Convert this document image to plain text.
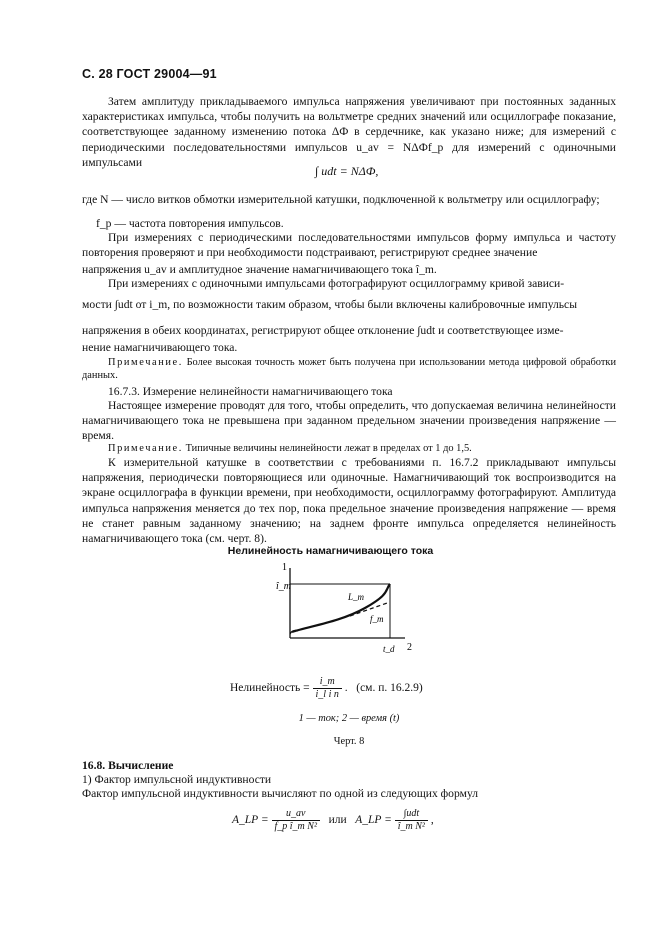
С. 28 ГОСТ 29004—91

Затем амплитуду прикладываемого импульса напряжения увеличивают при постоянных заданных характеристиках импульса, чтобы получить на вольтметре средних значений или осциллографе показание, соответствующее заданному изменению потока ΔФ в сердечнике, как указано ниже; для измерений с периодическими последовательностями импульсов u_av = NΔФf_p для измерений с одиночными импульсами

∫ udt = NΔФ,

где N — число витков обмотки измерительной катушки, подключенной к вольтметру или осциллографу;

f_p — частота повторения импульсов.

При измерениях с периодическими последовательностями импульсов форму импульса и частоту повторения проверяют и при необходимости подстраивают, регистрируют среднее значение

напряжения u_av и амплитудное значение намагничивающего тока î_m.

При измерениях с одиночными импульсами фотографируют осциллограмму кривой зависи-

мости ∫udt от i_m, по возможности таким образом, чтобы были включены калибровочные импульсы

напряжения в обеих координатах, регистрируют общее отклонение ∫udt и соответствующее изме-

нение намагничивающего тока.

Примечание. Более высокая точность может быть получена при использовании метода цифровой обработки данных.

16.7.3. Измерение нелинейности намагничивающего тока

Настоящее измерение проводят для того, чтобы определить, что допускаемая величина нелинейности намагничивающего тока не превышена при заданном предельном значении произведения напряжение — время.

Примечание. Типичные величины нелинейности лежат в пределах от 1 до 1,5.

К измерительной катушке в соответствии с требованиями п. 16.7.2 прикладывают импульсы напряжения, периодически повторяющиеся или одиночные. Намагничивающий ток воспроизводится на экране осциллографа в функции времени, при необходимости, осциллограмму фотографируют. Амплитуда импульса напряжения меняется до тех пор, пока предельное значение произведения напряжение — время не станет равным заданному значению; на заднем фронте импульса определяется нелинейность намагничивающего тока (см. черт. 8).

Нелинейность намагничивающего тока
1
î_m
L_m
f_m
t_d 2
Нелинейность = $\frac{i\_m}{\text{i\_l i n}}$ .   (см. п. 16.2.9)
1 — ток; 2 — время (t)
Черт. 8
16.8. Вычисление
1) Фактор импульсной индуктивности
Фактор импульсной индуктивности вычисляют по одной из следующих формул
A_LP = $\frac{u\_av}{\text{f\_p î\_m N²}}$ или A_LP = $\frac{\text{∫udt}}{\text{î\_m N²}}$ ,
